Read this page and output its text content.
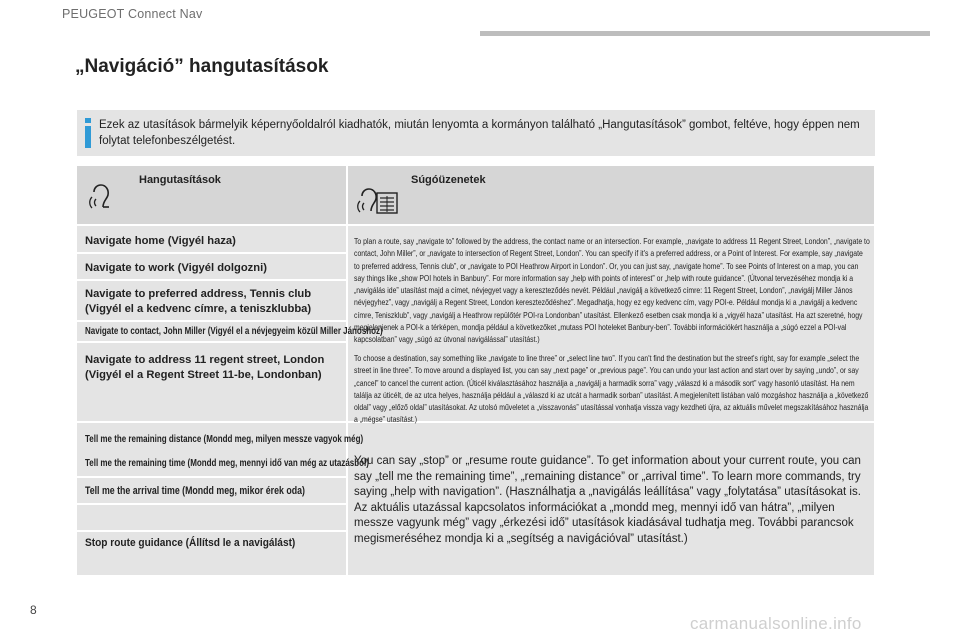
PEUGEOT Connect Nav
„Navigáció” hangutasítások
Ezek az utasítások bármelyik képernyőoldalról kiadhatók, miután lenyomta a kormányon található „Hangutasítások” gombot, feltéve, hogy éppen nem folytat telefonbeszélgetést.
Hangutasítások	Súgóüzenetek
Navigate home (Vigyél haza)
Navigate to work (Vigyél dolgozni)
Navigate to preferred address, Tennis club (Vigyél el a kedvenc címre, a teniszklubba)
Navigate to contact, John Miller (Vigyél el a névjegyeim közül Miller Jánoshoz)
Navigate to address 11 regent street, London (Vigyél el a Regent Street 11-be, Londonban)
Tell me the remaining distance (Mondd meg, milyen messze vagyok még)
Tell me the remaining time (Mondd meg, mennyi idő van még az utazásból)
Tell me the arrival time (Mondd meg, mikor érek oda)
Stop route guidance (Állítsd le a navigálást)
To plan a route, say „navigate to” followed by the address, the contact name or an intersection. For example, „navigate to address 11 Regent Street, London”, „navigate to contact, John Miller”, or „navigate to intersection of Regent Street, London”. You can specify if it's a preferred address, or a Point of Interest. For example, say „navigate to preferred address, Tennis club”, or „navigate to POI Heathrow Airport in London”. Or, you can just say, „navigate home”. To see Points of Interest on a map, you can say things like „show POI hotels in Banbury”. For more information say „help with points of interest” or „help with route guidance”. (Útvonal tervezéséhez mondja ki a „navigálás ide” utasítást majd a címet, névjegyet vagy a kereszteződés nevét. Például „navigálj a következő címre: 11 Regent Street, London”, „navigálj Miller János névjegyhez”, vagy „navigálj a Regent Street, London kereszteződéshez”. Megadhatja, hogy ez egy kedvenc cím, vagy POI-e. Például mondja ki a „navigálj a kedvenc címre, Teniszklub”, vagy „navigálj a Heathrow repülőtér POI-ra Londonban” utasítást. Ellenkező esetben csak mondja ki a „vigyél haza” utasítást. Ha azt szeretné, hogy megjelenjenek a POI-k a térképen, mondja például a következőket „mutass POI hoteleket Banbury-ben”. További információkért használja a „súgó ezzel a POI-val kapcsolatban” vagy „súgó az útvonal navigálással” utasítást.)
To choose a destination, say something like „navigate to line three” or „select line two”. If you can't find the destination but the street's right, say for example „select the street in line three”. To move around a displayed list, you can say „next page” or „previous page”. You can undo your last action and start over by saying „undo”, or say „cancel” to cancel the current action. (Úticél kiválasztásához használja a „navigálj a harmadik sorra” vagy „válaszd ki a második sort” vagy hasonló utasítást. Ha nem találja az úticélt, de az utca helyes, használja például a „válaszd ki az utcát a harmadik sorban” utasítást. A megjelenített listában való mozgáshoz használja a „következő oldal” vagy „előző oldal” utasításokat. Az utolsó műveletet a „visszavonás” utasítással vonhatja vissza vagy kezdheti újra, az aktuális művelet megszakításához használja a „mégse” utasítást.)
You can say „stop” or „resume route guidance”. To get information about your current route, you can say „tell me the remaining time”, „remaining distance” or „arrival time”. To learn more commands, try saying „help with navigation”. (Használhatja a „navigálás leállítása” vagy „folytatása” utasításokat is. Az aktuális utazással kapcsolatos információkat a „mondd meg, mennyi idő van hátra”, „milyen messze vagyunk még” vagy „érkezési idő” utasítások kiadásával tudhatja meg. További parancsok megismeréséhez mondja ki a „segítség a navigációval” utasítást.)
8
carmanualsonline.info
